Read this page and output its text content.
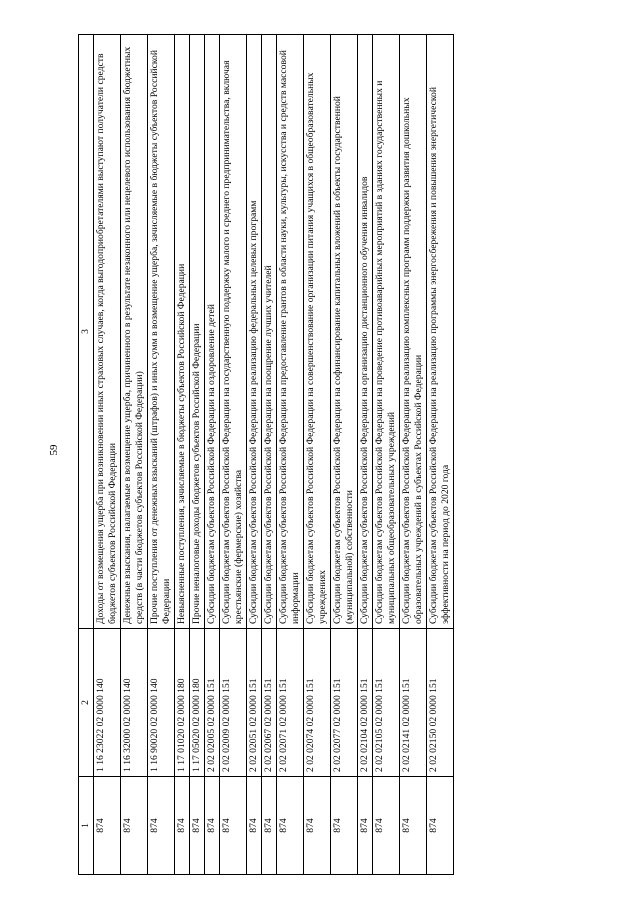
59
1	2	3
874	1 16 23022 02 0000 140	Доходы от возмещения ущерба при возникновении иных страховых случаев, когда выгодоприобретателями выступают получатели средств бюджетов субъектов Российской Федерации
874	1 16 32000 02 0000 140	Денежные взыскания, налагаемые в возмещение ущерба, причиненного в результате незаконного или нецелевого использования бюджетных средств (в части бюджетов субъектов Российской Федерации)
874	1 16 90020 02 0000 140	Прочие поступления от денежных взысканий (штрафов) и иных сумм в возмещение ущерба, зачисляемые в бюджеты субъектов Российской Федерации
874	1 17 01020 02 0000 180	Невыясненные поступления, зачисляемые в бюджеты субъектов Российской Федерации
874	1 17 05020 02 0000 180	Прочие неналоговые доходы бюджетов субъектов Российской Федерации
874	2 02 02005 02 0000 151	Субсидии бюджетам субъектов Российской Федерации на оздоровление детей
874	2 02 02009 02 0000 151	Субсидии бюджетам субъектов Российской Федерации на государственную поддержку малого и среднего предпринимательства, включая крестьянские (фермерские) хозяйства
874	2 02 02051 02 0000 151	Субсидии бюджетам субъектов Российской Федерации на реализацию федеральных целевых программ
874	2 02 02067 02 0000 151	Субсидии бюджетам субъектов Российской Федерации на поощрение лучших учителей
874	2 02 02071 02 0000 151	Субсидии бюджетам субъектов Российской Федерации на предоставление грантов в области науки, культуры, искусства и средств массовой информации
874	2 02 02074 02 0000 151	Субсидии бюджетам субъектов Российской Федерации на совершенствование организации питания учащихся в общеобразовательных учреждениях
874	2 02 02077 02 0000 151	Субсидии бюджетам субъектов Российской Федерации на софинансирование капитальных вложений в объекты государственной (муниципальной) собственности
874	2 02 02104 02 0000 151	Субсидии бюджетам субъектов Российской Федерации на организацию дистанционного обучения инвалидов
874	2 02 02105 02 0000 151	Субсидии бюджетам субъектов Российской Федерации на проведение противоаварийных мероприятий в зданиях государственных и муниципальных общеобразовательных учреждений
874	2 02 02141 02 0000 151	Субсидии бюджетам субъектов Российской Федерации на реализацию комплексных программ поддержки развития дошкольных образовательных учреждений в субъектах Российской Федерации
874	2 02 02150 02 0000 151	Субсидии бюджетам субъектов Российской Федерации на реализацию программы энергосбережения и повышения энергетической эффективности на период до 2020 года
